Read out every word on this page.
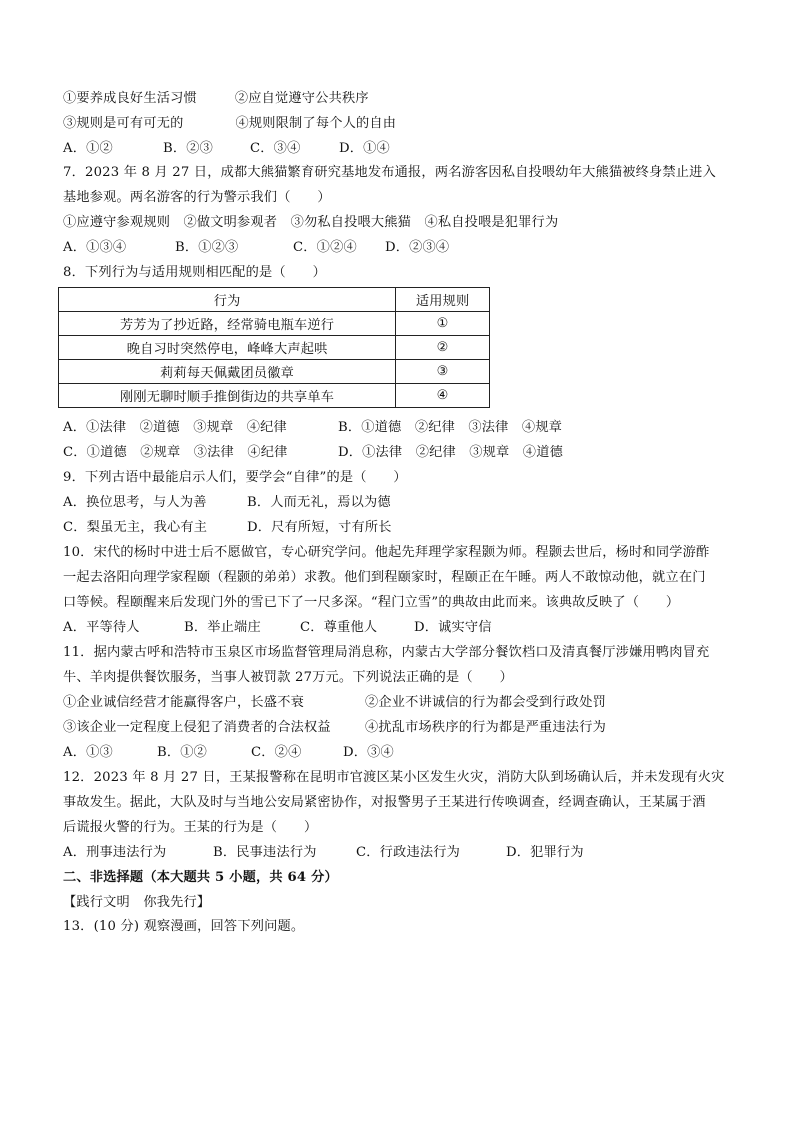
①要养成良好生活习惯	②应自觉遵守公共秩序
③规则是可有可无的	④规则限制了每个人的自由
A．①②	B．②③	C．③④	D．①④
7．2023 年 8 月 27 日，成都大熊猫繁育研究基地发布通报，两名游客因私自投喂幼年大熊猫被终身禁止进入
基地参观。两名游客的行为警示我们（　　）
①应遵守参观规则　②做文明参观者　③勿私自投喂大熊猫　④私自投喂是犯罪行为
A．①③④	B．①②③	C．①②④ D．②③④
8．下列行为与适用规则相匹配的是（　　）
行为	适用规则
芳芳为了抄近路，经常骑电瓶车逆行	①
晚自习时突然停电，峰峰大声起哄	②
莉莉每天佩戴团员徽章	③
刚刚无聊时顺手推倒街边的共享单车	④
A．①法律　②道德　③规章　④纪律	B．①道德　②纪律　③法律　④规章
C．①道德　②规章　③法律　④纪律	D．①法律　②纪律　③规章　④道德
9．下列古语中最能启示人们，要学会“自律”的是（　　）
A．换位思考，与人为善	B．人而无礼，焉以为德
C．梨虽无主，我心有主	D．尺有所短，寸有所长
10．宋代的杨时中进士后不愿做官，专心研究学问。他起先拜理学家程颢为师。程颢去世后，杨时和同学游酢
一起去洛阳向理学家程颐（程颢的弟弟）求教。他们到程颐家时，程颐正在午睡。两人不敢惊动他，就立在门
口等候。程颐醒来后发现门外的雪已下了一尺多深。“程门立雪”的典故由此而来。该典故反映了（　　）
A．平等待人	B．举止端庄	C．尊重他人	D．诚实守信
11．据内蒙古呼和浩特市玉泉区市场监督管理局消息称，内蒙古大学部分餐饮档口及清真餐厅涉嫌用鸭肉冒充
牛、羊肉提供餐饮服务，当事人被罚款 27万元。下列说法正确的是（　　）
①企业诚信经营才能赢得客户，长盛不衰	②企业不讲诚信的行为都会受到行政处罚
③该企业一定程度上侵犯了消费者的合法权益	④扰乱市场秩序的行为都是严重违法行为
A．①③	B．①②	C．②④	D．③④
12．2023 年 8 月 27 日，王某报警称在昆明市官渡区某小区发生火灾，消防大队到场确认后，并未发现有火灾
事故发生。据此，大队及时与当地公安局紧密协作，对报警男子王某进行传唤调查，经调查确认，王某属于酒
后谎报火警的行为。王某的行为是（　　）
A．刑事违法行为	B．民事违法行为	C．行政违法行为	D．犯罪行为
二、非选择题（本大题共 5 小题，共 64 分）
【践行文明　你我先行】
13．(10 分) 观察漫画，回答下列问题。
